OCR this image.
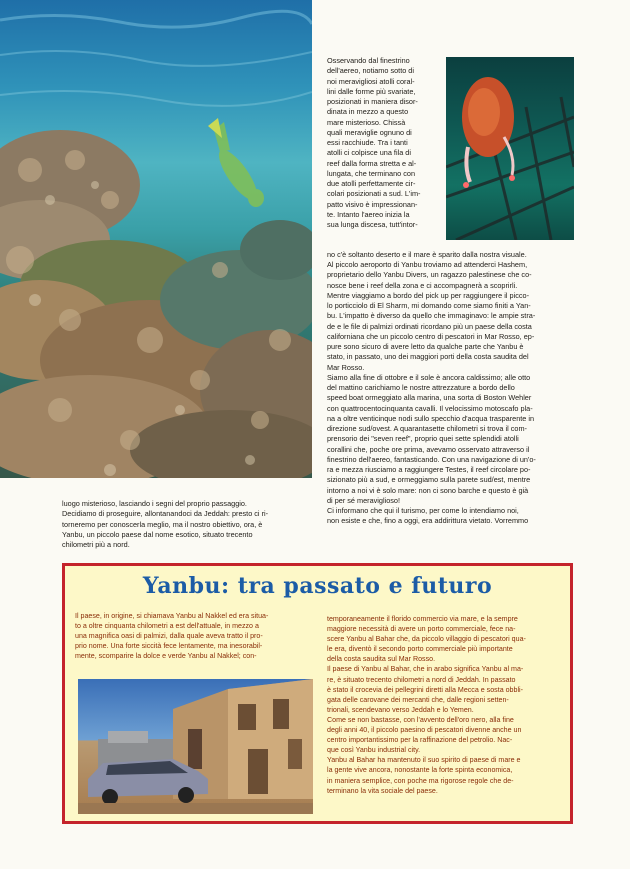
Osservando dal finestrino
dell'aereo, notiamo sotto di
noi meravigliosi atolli coral-
lini dalle forme più svariate,
posizionati in maniera disor-
dinata in mezzo a questo
mare misterioso. Chissà
quali meraviglie ognuno di
essi racchiude. Tra i tanti
atolli ci colpisce una fila di
reef dalla forma stretta e al-
lungata, che terminano con
due atolli perfettamente cir-
colari posizionati a sud. L'im-
patto visivo è impressionan-
te. Intanto l'aereo inizia la
sua lunga discesa, tutt'intor-
no c'è soltanto deserto e il mare è sparito dalla nostra visuale.
Al piccolo aeroporto di Yanbu troviamo ad attenderci Hashem,
proprietario dello Yanbu Divers, un ragazzo palestinese che co-
nosce bene i reef della zona e ci accompagnerà a scoprirli.
Mentre viaggiamo a bordo del pick up per raggiungere il picco-
lo porticciolo di El Sharm, mi domando come siamo finiti a Yan-
bu. L'impatto è diverso da quello che immaginavo: le ampie stra-
de e le file di palmizi ordinati ricordano più un paese della costa
californiana che un piccolo centro di pescatori in Mar Rosso, ep-
pure sono sicuro di avere letto da qualche parte che Yanbu è
stato, in passato, uno dei maggiori porti della costa saudita del
Mar Rosso.
Siamo alla fine di ottobre e il sole è ancora caldissimo; alle otto
del mattino carichiamo le nostre attrezzature a bordo dello
speed boat ormeggiato alla marina, una sorta di Boston Wehler
con quattrocentocinquanta cavalli. Il velocissimo motoscafo pla-
na a oltre venticinque nodi sullo specchio d'acqua trasparente in
direzione sud/ovest. A quarantasette chilometri si trova il com-
prensorio dei "seven reef", proprio quei sette splendidi atolli
corallini che, poche ore prima, avevamo osservato attraverso il
finestrino dell'aereo, fantasticando. Con una navigazione di un'o-
ra e mezza riusciamo a raggiungere Testes, il reef circolare po-
sizionato più a sud, e ormeggiamo sulla parete sud/est, mentre
intorno a noi vi è solo mare: non ci sono barche e questo è già
di per sé meraviglioso!
Ci informano che qui il turismo, per come lo intendiamo noi,
non esiste e che, fino a oggi, era addirittura vietato. Vorremmo
luogo misterioso, lasciando i segni del proprio passaggio.
Decidiamo di proseguire, allontanandoci da Jeddah: presto ci ri-
torneremo per conoscerla meglio, ma il nostro obiettivo, ora, è
Yanbu, un piccolo paese dal nome esotico, situato trecento
chilometri più a nord.
Yanbu: tra passato e futuro
Il paese, in origine, si chiamava Yanbu al Nakkel ed era situa-
to a oltre cinquanta chilometri a est dell'attuale, in mezzo a
una magnifica oasi di palmizi, dalla quale aveva tratto il pro-
prio nome. Una forte siccità fece lentamente, ma inesorabil-
mente, scomparire la dolce e verde Yanbu al Nakkel; con-
temporaneamente il florido commercio via mare, e la sempre
maggiore necessità di avere un porto commerciale, fece na-
scere Yanbu al Bahar che, da piccolo villaggio di pescatori qua-
le era, diventò il secondo porto commerciale più importante
della costa saudita sul Mar Rosso.
Il paese di Yanbu al Bahar, che in arabo significa Yanbu al ma-
re, è situato trecento chilometri a nord di Jeddah. In passato
è stato il crocevia dei pellegrini diretti alla Mecca e sosta obbli-
gata delle carovane dei mercanti che, dalle regioni setten-
trionali, scendevano verso Jeddah e lo Yemen.
Come se non bastasse, con l'avvento dell'oro nero, alla fine
degli anni 40, il piccolo paesino di pescatori divenne anche un
centro importantissimo per la raffinazione del petrolio. Nac-
que così Yanbu industrial city.
Yanbu al Bahar ha mantenuto il suo spirito di paese di mare e
la gente vive ancora, nonostante la forte spinta economica,
in maniera semplice, con poche ma rigorose regole che de-
terminano la vita sociale del paese.
